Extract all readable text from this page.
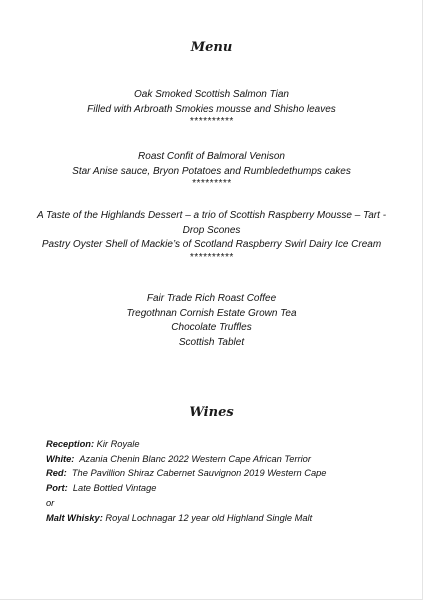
Menu
Oak Smoked Scottish Salmon Tian
Filled with Arbroath Smokies mousse and Shisho leaves
**********
Roast Confit of Balmoral Venison
Star Anise sauce, Bryon Potatoes and Rumbledethumps cakes
*********
A Taste of the Highlands Dessert – a trio of Scottish Raspberry Mousse – Tart - Drop Scones
Pastry Oyster Shell of Mackie’s of Scotland Raspberry Swirl Dairy Ice Cream
**********
Fair Trade Rich Roast Coffee
Tregothnan Cornish Estate Grown Tea
Chocolate Truffles
Scottish Tablet
Wines
Reception: Kir Royale
White: Azania Chenin Blanc 2022 Western Cape African Terrior
Red: The Pavillion Shiraz Cabernet Sauvignon 2019 Western Cape
Port: Late Bottled Vintage
or
Malt Whisky: Royal Lochnagar 12 year old Highland Single Malt
